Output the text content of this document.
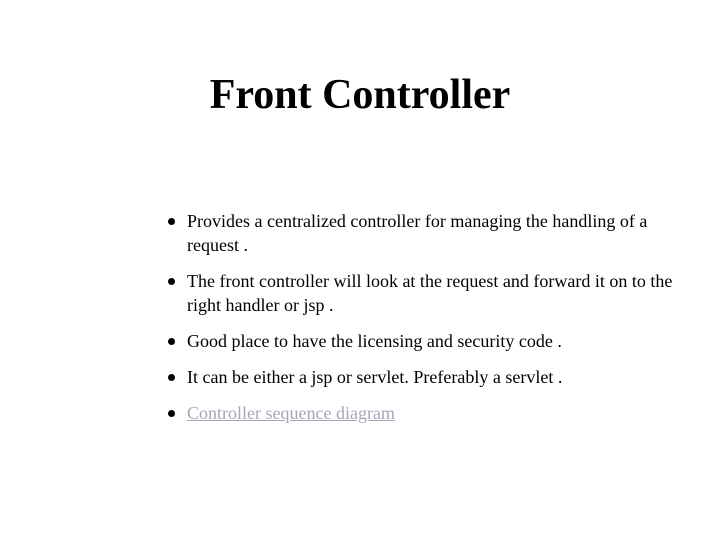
Front Controller
Provides a centralized controller for managing the handling of a request .
The front controller will look at the request and forward it on to the right handler or jsp .
Good place to have the licensing and security code .
It can be either a jsp or servlet. Preferably a servlet .
Controller sequence diagram
